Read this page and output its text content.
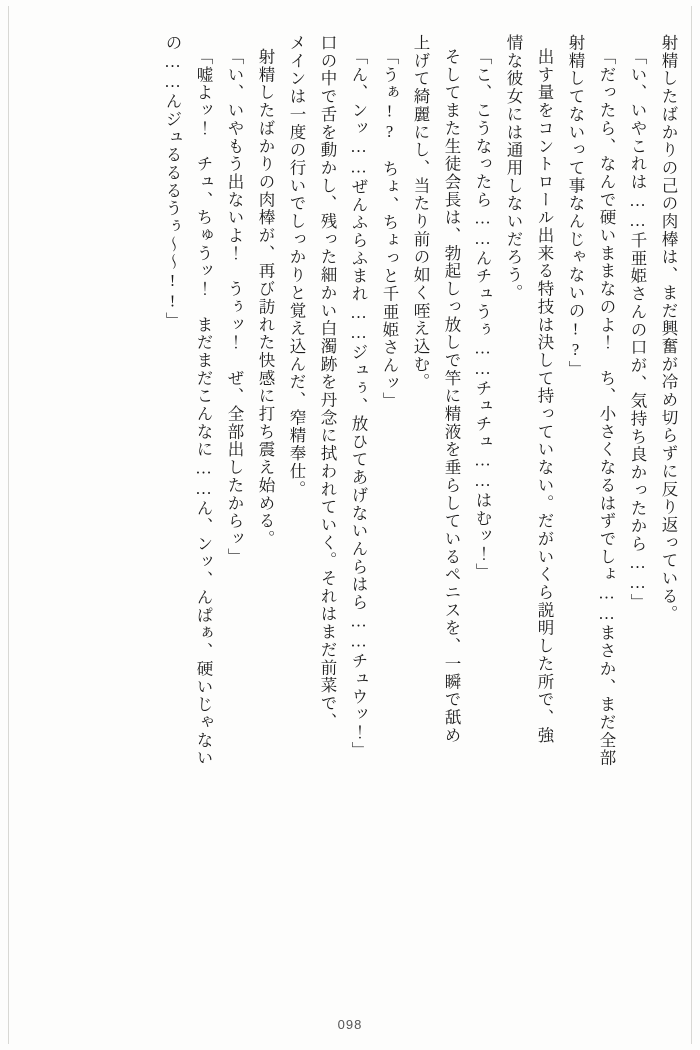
射精したばかりの己の肉棒は、まだ興奮が冷め切らずに反り返っている。
「い、いやこれは……千亜姫さんの口が、気持ち良かったから……」
「だったら、なんで硬いままなのよ！　ち、小さくなるはずでしょ……まさか、まだ全部
射精してないって事なんじゃないの!?」
出す量をコントロール出来る特技は決して持っていない。だがいくら説明した所で、強
情な彼女には通用しないだろう。
「こ、こうなったら……んチュうぅ……チュチュ……はむッ！」
そしてまた生徒会長は、勃起しっ放しで竿に精液を垂らしているペニスを、一瞬で舐め
上げて綺麗にし、当たり前の如く咥え込む。
「うぁ!?　ちょ、ちょっと千亜姫さんッ」
「ん、ンッ……ぜんふらふまれ……ジュぅ、放ひてあげないんらはら……チュウッ！」
口の中で舌を動かし、残った細かい白濁跡を丹念に拭われていく。それはまだ前菜で、
メインは一度の行いでしっかりと覚え込んだ、窄精奉仕。
射精したばかりの肉棒が、再び訪れた快感に打ち震え始める。
「い、いやもう出ないよ！　うぅッ！　ぜ、全部出したからッ」
「嘘よッ！　チュ、ちゅうッ！　まだまだこんなに……ん、ンッ、んぱぁ、硬いじゃない
の……んジュるるるうぅ～～!!」
098
